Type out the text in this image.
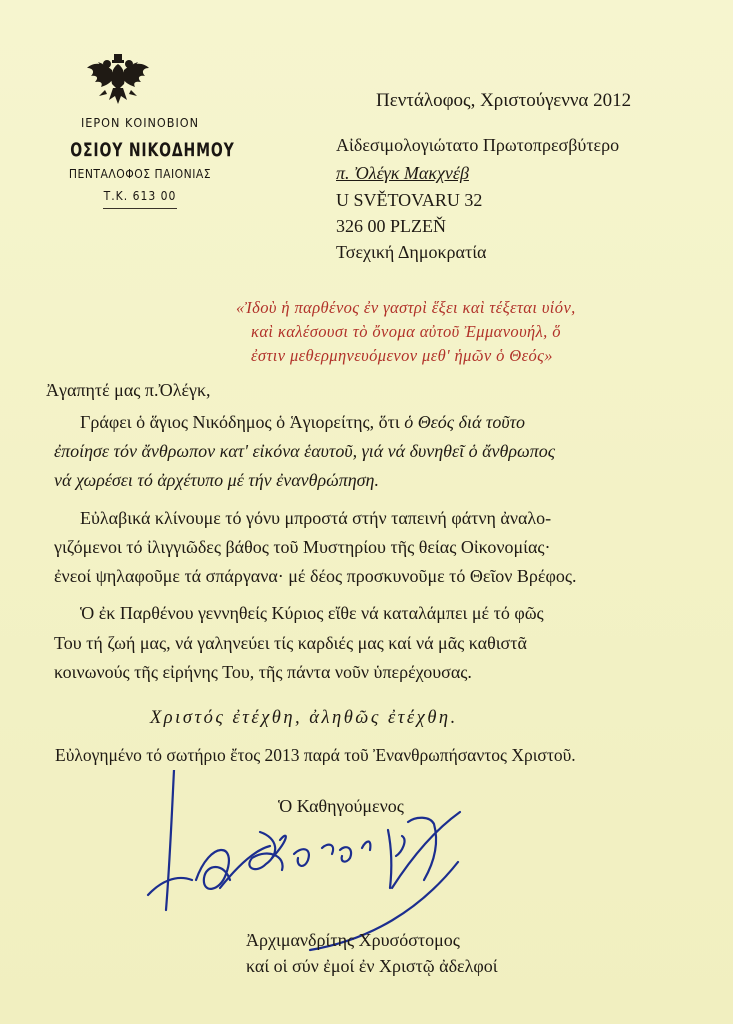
ΙΕΡΟΝ ΚΟΙΝΟΒΙΟΝ
ΟΣΙΟΥ ΝΙΚΟΔΗΜΟΥ
ΠΕΝΤΑΛΟΦΟΣ ΠΑΙΟΝΙΑΣ
Τ.Κ. 613 00
Πεντάλοφος, Χριστούγεννα 2012
Αἰδεσιμολογιώτατο Πρωτοπρεσβύτερο
π. Ὀλέγκ Μακχνέβ
U SVĚTOVARU 32
326 00 PLZEŇ
Τσεχική Δημοκρατία
«Ἰδοὺ ἡ παρθένος ἐν γαστρὶ ἕξει καὶ τέξεται υἱόν,
καὶ καλέσουσι τὸ ὄνομα αὐτοῦ Ἐμμανουήλ, ὅ
ἐστιν μεθερμηνευόμενον μεθ' ἡμῶν ὁ Θεός»
Ἀγαπητέ μας π.Ὀλέγκ,
Γράφει ὁ ἅγιος Νικόδημος ὁ Ἁγιορείτης, ὅτι ὁ Θεός διά τοῦτο
ἐποίησε τόν ἄνθρωπον κατ' εἰκόνα ἑαυτοῦ, γιά νά δυνηθεῖ ὁ ἄνθρωπος
νά χωρέσει τό ἀρχέτυπο μέ τήν ἐνανθρώπηση.
Εὐλαβικά κλίνουμε τό γόνυ μπροστά στήν ταπεινή φάτνη ἀναλο-
γιζόμενοι τό ἰλιγγιῶδες βάθος τοῦ Μυστηρίου τῆς θείας Οἰκονομίας·
ἐνεοί ψηλαφοῦμε τά σπάργανα· μέ δέος προσκυνοῦμε τό Θεῖον Βρέφος.
Ὁ ἐκ Παρθένου γεννηθείς Κύριος εἴθε νά καταλάμπει μέ τό φῶς
Του τή ζωή μας, νά γαληνεύει τίς καρδιές μας καί νά μᾶς καθιστᾶ
κοινωνούς τῆς εἰρήνης Του, τῆς πάντα νοῦν ὑπερέχουσας.
Χριστός ἐτέχθη, ἀληθῶς ἐτέχθη.
Εὐλογημένο τό σωτήριο ἔτος 2013 παρά τοῦ Ἐνανθρωπήσαντος Χριστοῦ.
Ὁ Καθηγούμενος
Ἀρχιμανδρίτης Χρυσόστομος
καί οἱ σύν ἐμοί ἐν Χριστῷ ἀδελφοί
